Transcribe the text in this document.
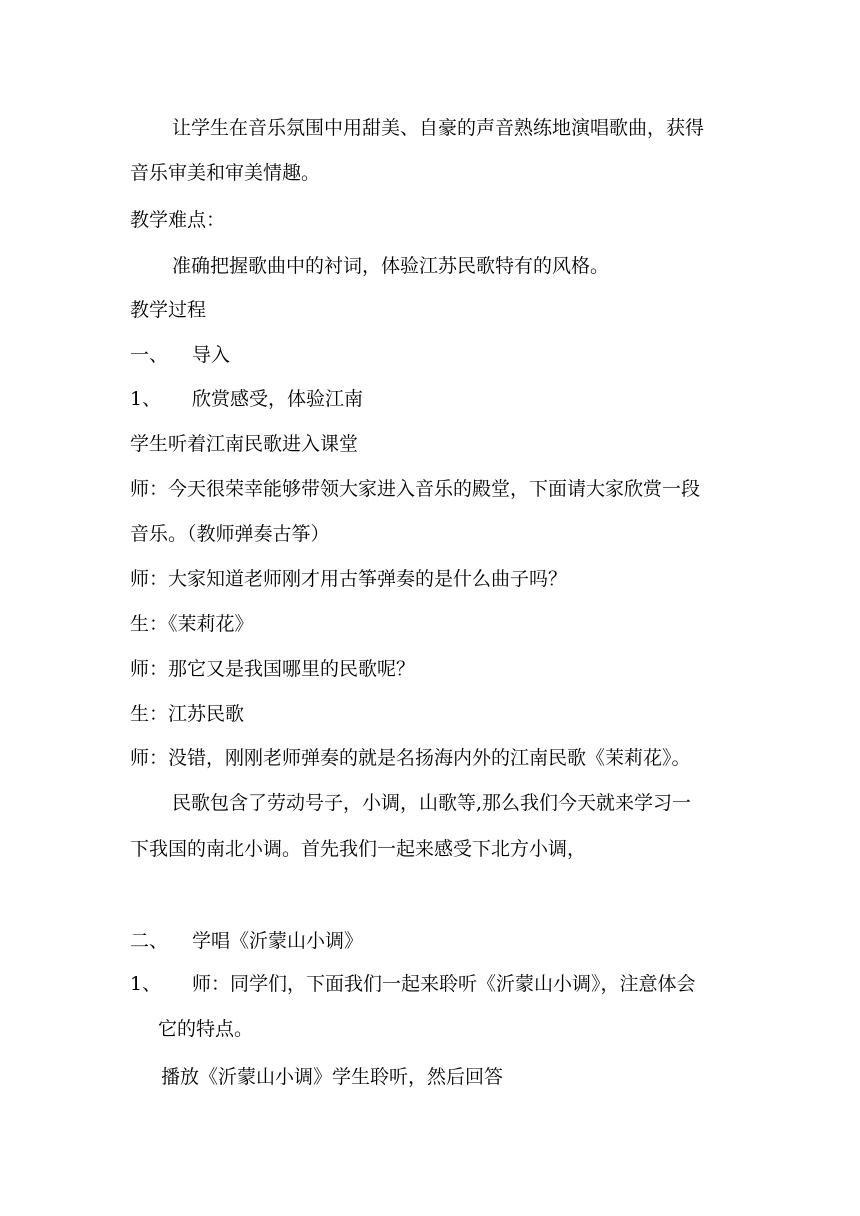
让学生在音乐氛围中用甜美、自豪的声音熟练地演唱歌曲，获得

音乐审美和审美情趣。

教学难点：

准确把握歌曲中的衬词，体验江苏民歌特有的风格。

教学过程

一、 导入
1、 欣赏感受，体验江南

学生听着江南民歌进入课堂

师：今天很荣幸能够带领大家进入音乐的殿堂，下面请大家欣赏一段

音乐。（教师弹奏古筝）

师：大家知道老师刚才用古筝弹奏的是什么曲子吗？

生：《茉莉花》

师：那它又是我国哪里的民歌呢？

生：江苏民歌

师：没错，刚刚老师弹奏的就是名扬海内外的江南民歌《茉莉花》。

民歌包含了劳动号子，小调，山歌等,那么我们今天就来学习一

下我国的南北小调。首先我们一起来感受下北方小调，

二、 学唱《沂蒙山小调》
1、 师：同学们，下面我们一起来聆听《沂蒙山小调》，注意体会

它的特点。

播放《沂蒙山小调》学生聆听，然后回答
